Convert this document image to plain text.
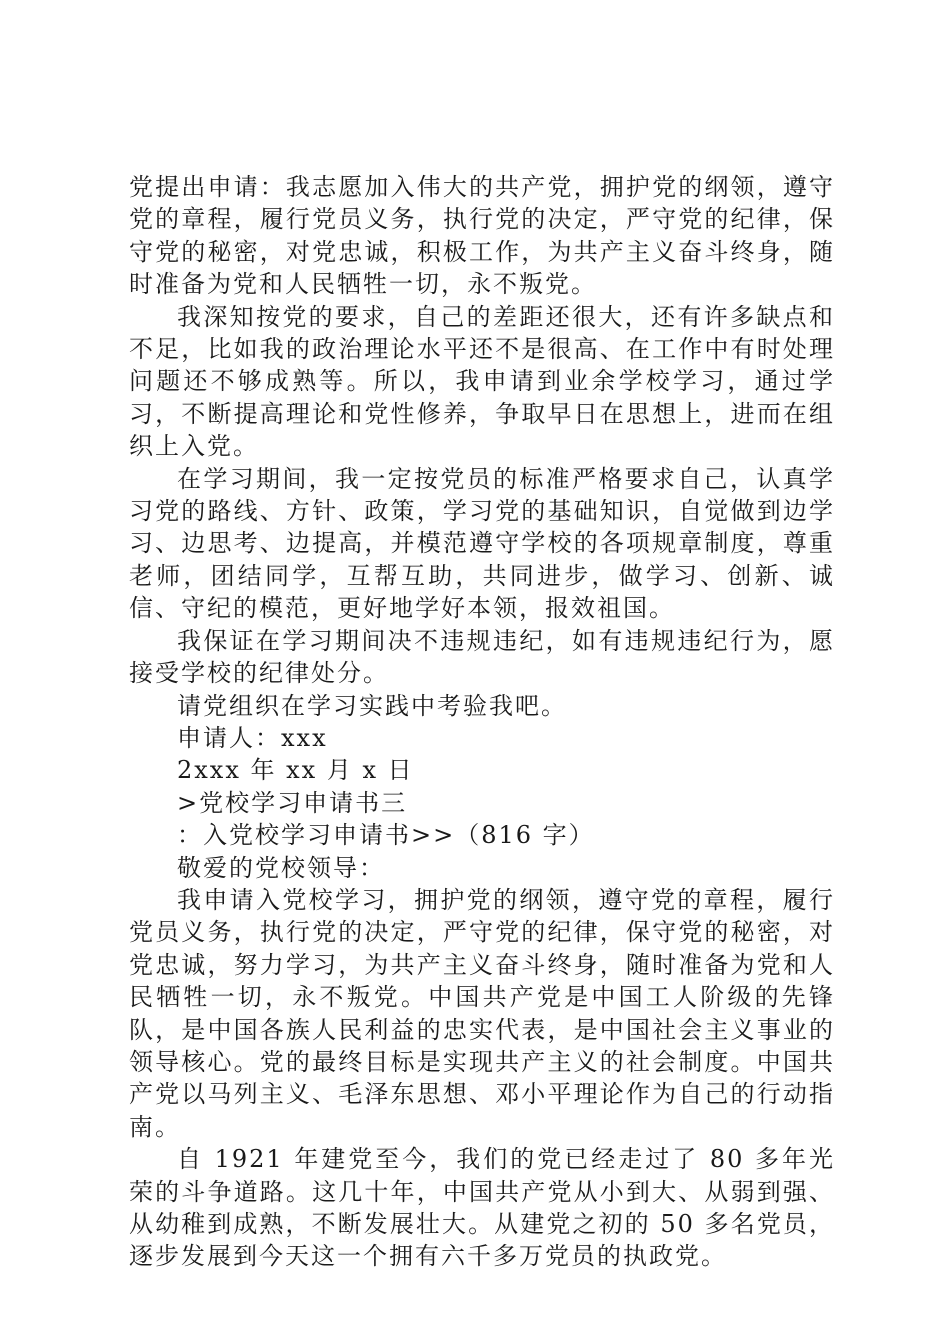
党提出申请：我志愿加入伟大的共产党，拥护党的纲领，遵守党的章程，履行党员义务，执行党的决定，严守党的纪律，保守党的秘密，对党忠诚，积极工作，为共产主义奋斗终身，随时准备为党和人民牺牲一切，永不叛党。

我深知按党的要求，自己的差距还很大，还有许多缺点和不足，比如我的政治理论水平还不是很高、在工作中有时处理问题还不够成熟等。所以，我申请到业余学校学习，通过学习，不断提高理论和党性修养，争取早日在思想上，进而在组织上入党。

在学习期间，我一定按党员的标准严格要求自己，认真学习党的路线、方针、政策，学习党的基础知识，自觉做到边学习、边思考、边提高，并模范遵守学校的各项规章制度，尊重老师，团结同学，互帮互助，共同进步，做学习、创新、诚信、守纪的模范，更好地学好本领，报效祖国。

我保证在学习期间决不违规违纪，如有违规违纪行为，愿接受学校的纪律处分。

请党组织在学习实践中考验我吧。

申请人：xxx

2xxx 年 xx 月 x 日

>党校学习申请书三

：入党校学习申请书>>（816 字）

敬爱的党校领导：

我申请入党校学习，拥护党的纲领，遵守党的章程，履行党员义务，执行党的决定，严守党的纪律，保守党的秘密，对党忠诚，努力学习，为共产主义奋斗终身，随时准备为党和人民牺牲一切，永不叛党。中国共产党是中国工人阶级的先锋队，是中国各族人民利益的忠实代表，是中国社会主义事业的领导核心。党的最终目标是实现共产主义的社会制度。中国共产党以马列主义、毛泽东思想、邓小平理论作为自己的行动指南。

自 1921 年建党至今，我们的党已经走过了 80 多年光荣的斗争道路。这几十年，中国共产党从小到大、从弱到强、从幼稚到成熟，不断发展壮大。从建党之初的 50 多名党员，逐步发展到今天这一个拥有六千多万党员的执政党。
